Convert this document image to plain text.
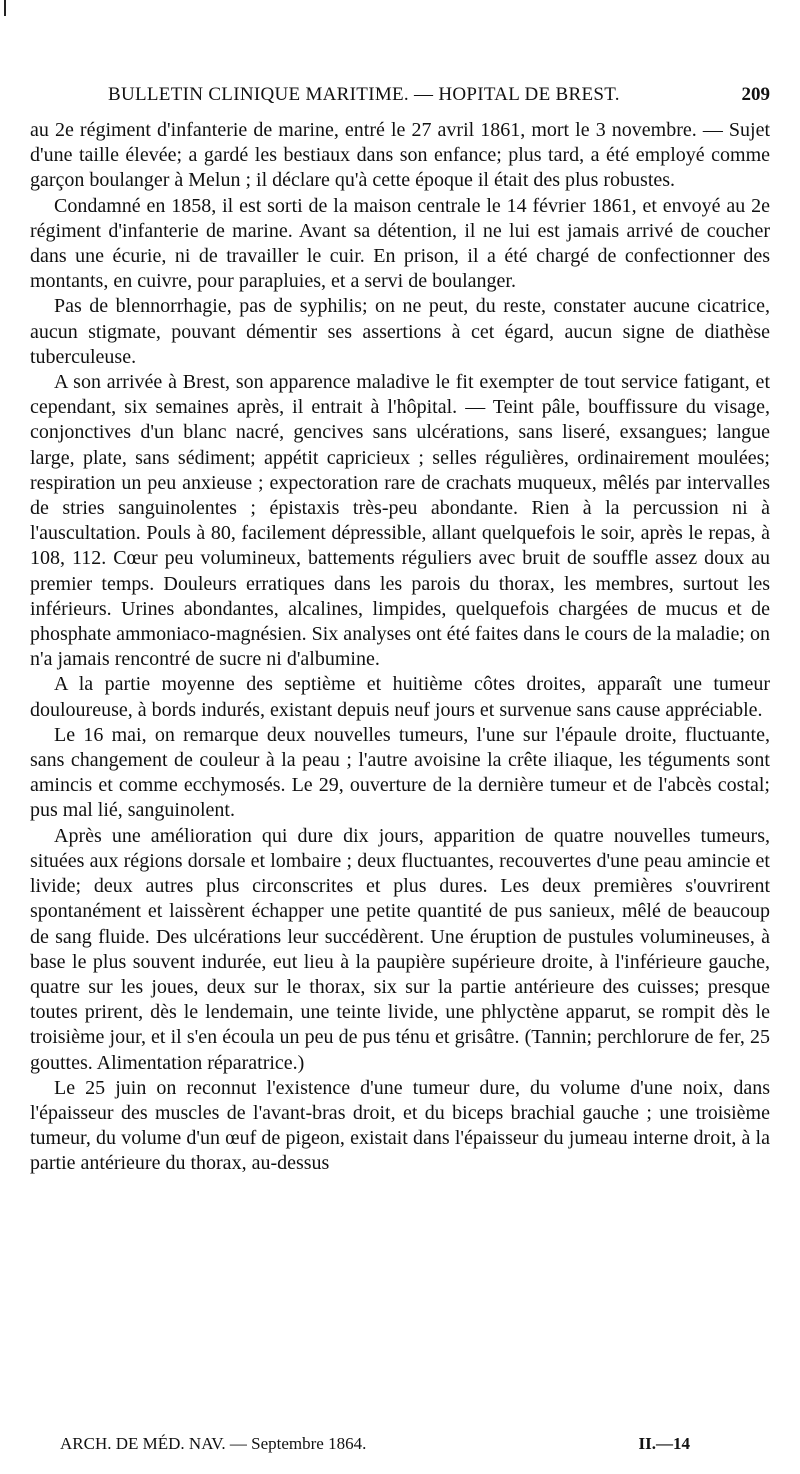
BULLETIN CLINIQUE MARITIME. — HOPITAL DE BREST.	209

au 2e régiment d'infanterie de marine, entré le 27 avril 1861, mort le 3 novembre. — Sujet d'une taille élevée; a gardé les bestiaux dans son enfance; plus tard, a été employé comme garçon boulanger à Melun ; il déclare qu'à cette époque il était des plus robustes.

Condamné en 1858, il est sorti de la maison centrale le 14 février 1861, et envoyé au 2e régiment d'infanterie de marine. Avant sa détention, il ne lui est jamais arrivé de coucher dans une écurie, ni de travailler le cuir. En prison, il a été chargé de confectionner des montants, en cuivre, pour parapluies, et a servi de boulanger.

Pas de blennorrhagie, pas de syphilis; on ne peut, du reste, constater aucune cicatrice, aucun stigmate, pouvant démentir ses assertions à cet égard, aucun signe de diathèse tuberculeuse.

A son arrivée à Brest, son apparence maladive le fit exempter de tout service fatigant, et cependant, six semaines après, il entrait à l'hôpital. — Teint pâle, bouffissure du visage, conjonctives d'un blanc nacré, gencives sans ulcérations, sans liseré, exsangues; langue large, plate, sans sédiment; appétit capricieux ; selles régulières, ordinairement moulées; respiration un peu anxieuse ; expectoration rare de crachats muqueux, mêlés par intervalles de stries sanguinolentes ; épistaxis très-peu abondante. Rien à la percussion ni à l'auscultation. Pouls à 80, facilement dépressible, allant quelquefois le soir, après le repas, à 108, 112. Cœur peu volumineux, battements réguliers avec bruit de souffle assez doux au premier temps. Douleurs erratiques dans les parois du thorax, les membres, surtout les inférieurs. Urines abondantes, alcalines, limpides, quelquefois chargées de mucus et de phosphate ammoniaco-magnésien. Six analyses ont été faites dans le cours de la maladie; on n'a jamais rencontré de sucre ni d'albumine.

A la partie moyenne des septième et huitième côtes droites, apparaît une tumeur douloureuse, à bords indurés, existant depuis neuf jours et survenue sans cause appréciable.

Le 16 mai, on remarque deux nouvelles tumeurs, l'une sur l'épaule droite, fluctuante, sans changement de couleur à la peau ; l'autre avoisine la crête iliaque, les téguments sont amincis et comme ecchymosés. Le 29, ouverture de la dernière tumeur et de l'abcès costal; pus mal lié, sanguinolent.

Après une amélioration qui dure dix jours, apparition de quatre nouvelles tumeurs, situées aux régions dorsale et lombaire ; deux fluctuantes, recouvertes d'une peau amincie et livide; deux autres plus circonscrites et plus dures. Les deux premières s'ouvrirent spontanément et laissèrent échapper une petite quantité de pus sanieux, mêlé de beaucoup de sang fluide. Des ulcérations leur succédèrent. Une éruption de pustules volumineuses, à base le plus souvent indurée, eut lieu à la paupière supérieure droite, à l'inférieure gauche, quatre sur les joues, deux sur le thorax, six sur la partie antérieure des cuisses; presque toutes prirent, dès le lendemain, une teinte livide, une phlyctène apparut, se rompit dès le troisième jour, et il s'en écoula un peu de pus ténu et grisâtre. (Tannin; perchlorure de fer, 25 gouttes. Alimentation réparatrice.)

Le 25 juin on reconnut l'existence d'une tumeur dure, du volume d'une noix, dans l'épaisseur des muscles de l'avant-bras droit, et du biceps brachial gauche ; une troisième tumeur, du volume d'un œuf de pigeon, existait dans l'épaisseur du jumeau interne droit, à la partie antérieure du thorax, au-dessus

ARCH. DE MÉD. NAV. — Septembre 1864.	II.—14
